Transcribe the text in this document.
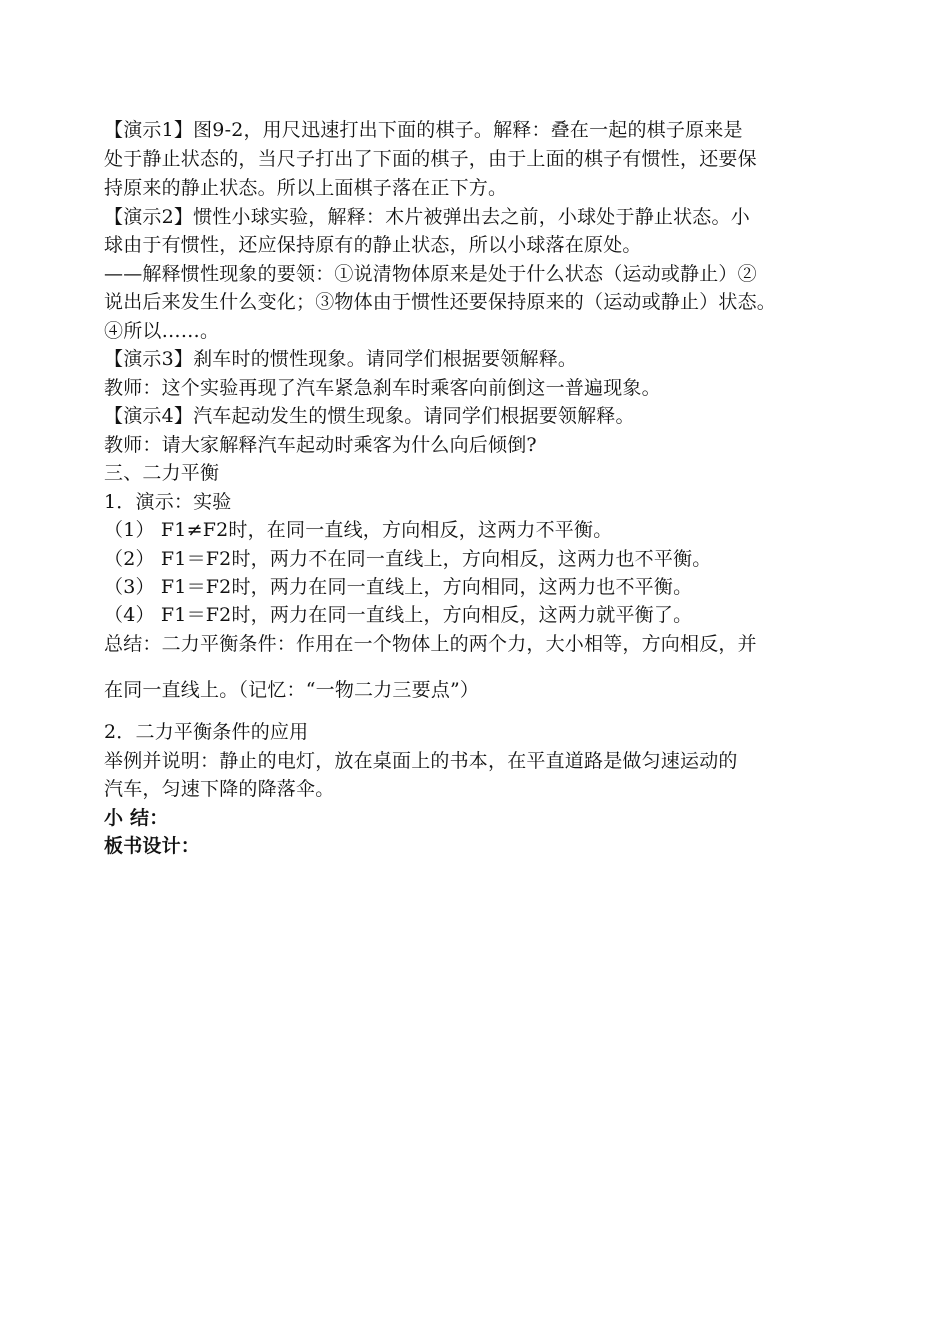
【演示1】图9-2，用尺迅速打出下面的棋子。解释：叠在一起的棋子原来是
处于静止状态的，当尺子打出了下面的棋子，由于上面的棋子有惯性，还要保
持原来的静止状态。所以上面棋子落在正下方。
【演示2】惯性小球实验，解释：木片被弹出去之前，小球处于静止状态。小
球由于有惯性，还应保持原有的静止状态，所以小球落在原处。
——解释惯性现象的要领：①说清物体原来是处于什么状态（运动或静止）②
说出后来发生什么变化；③物体由于惯性还要保持原来的（运动或静止）状态。
④所以……。
【演示3】刹车时的惯性现象。请同学们根据要领解释。
教师：这个实验再现了汽车紧急刹车时乘客向前倒这一普遍现象。
【演示4】汽车起动发生的惯生现象。请同学们根据要领解释。
教师：请大家解释汽车起动时乘客为什么向后倾倒?
三、二力平衡
1．演示：实验
（1） F1≠F2时，在同一直线，方向相反，这两力不平衡。
（2） F1＝F2时，两力不在同一直线上，方向相反，这两力也不平衡。
（3） F1＝F2时，两力在同一直线上，方向相同，这两力也不平衡。
（4） F1＝F2时，两力在同一直线上，方向相反，这两力就平衡了。
总结：二力平衡条件：作用在一个物体上的两个力，大小相等，方向相反，并
在同一直线上。（记忆：“一物二力三要点”）
2．二力平衡条件的应用
举例并说明：静止的电灯，放在桌面上的书本，在平直道路是做匀速运动的
汽车，匀速下降的降落伞。
小 结：
板书设计：
